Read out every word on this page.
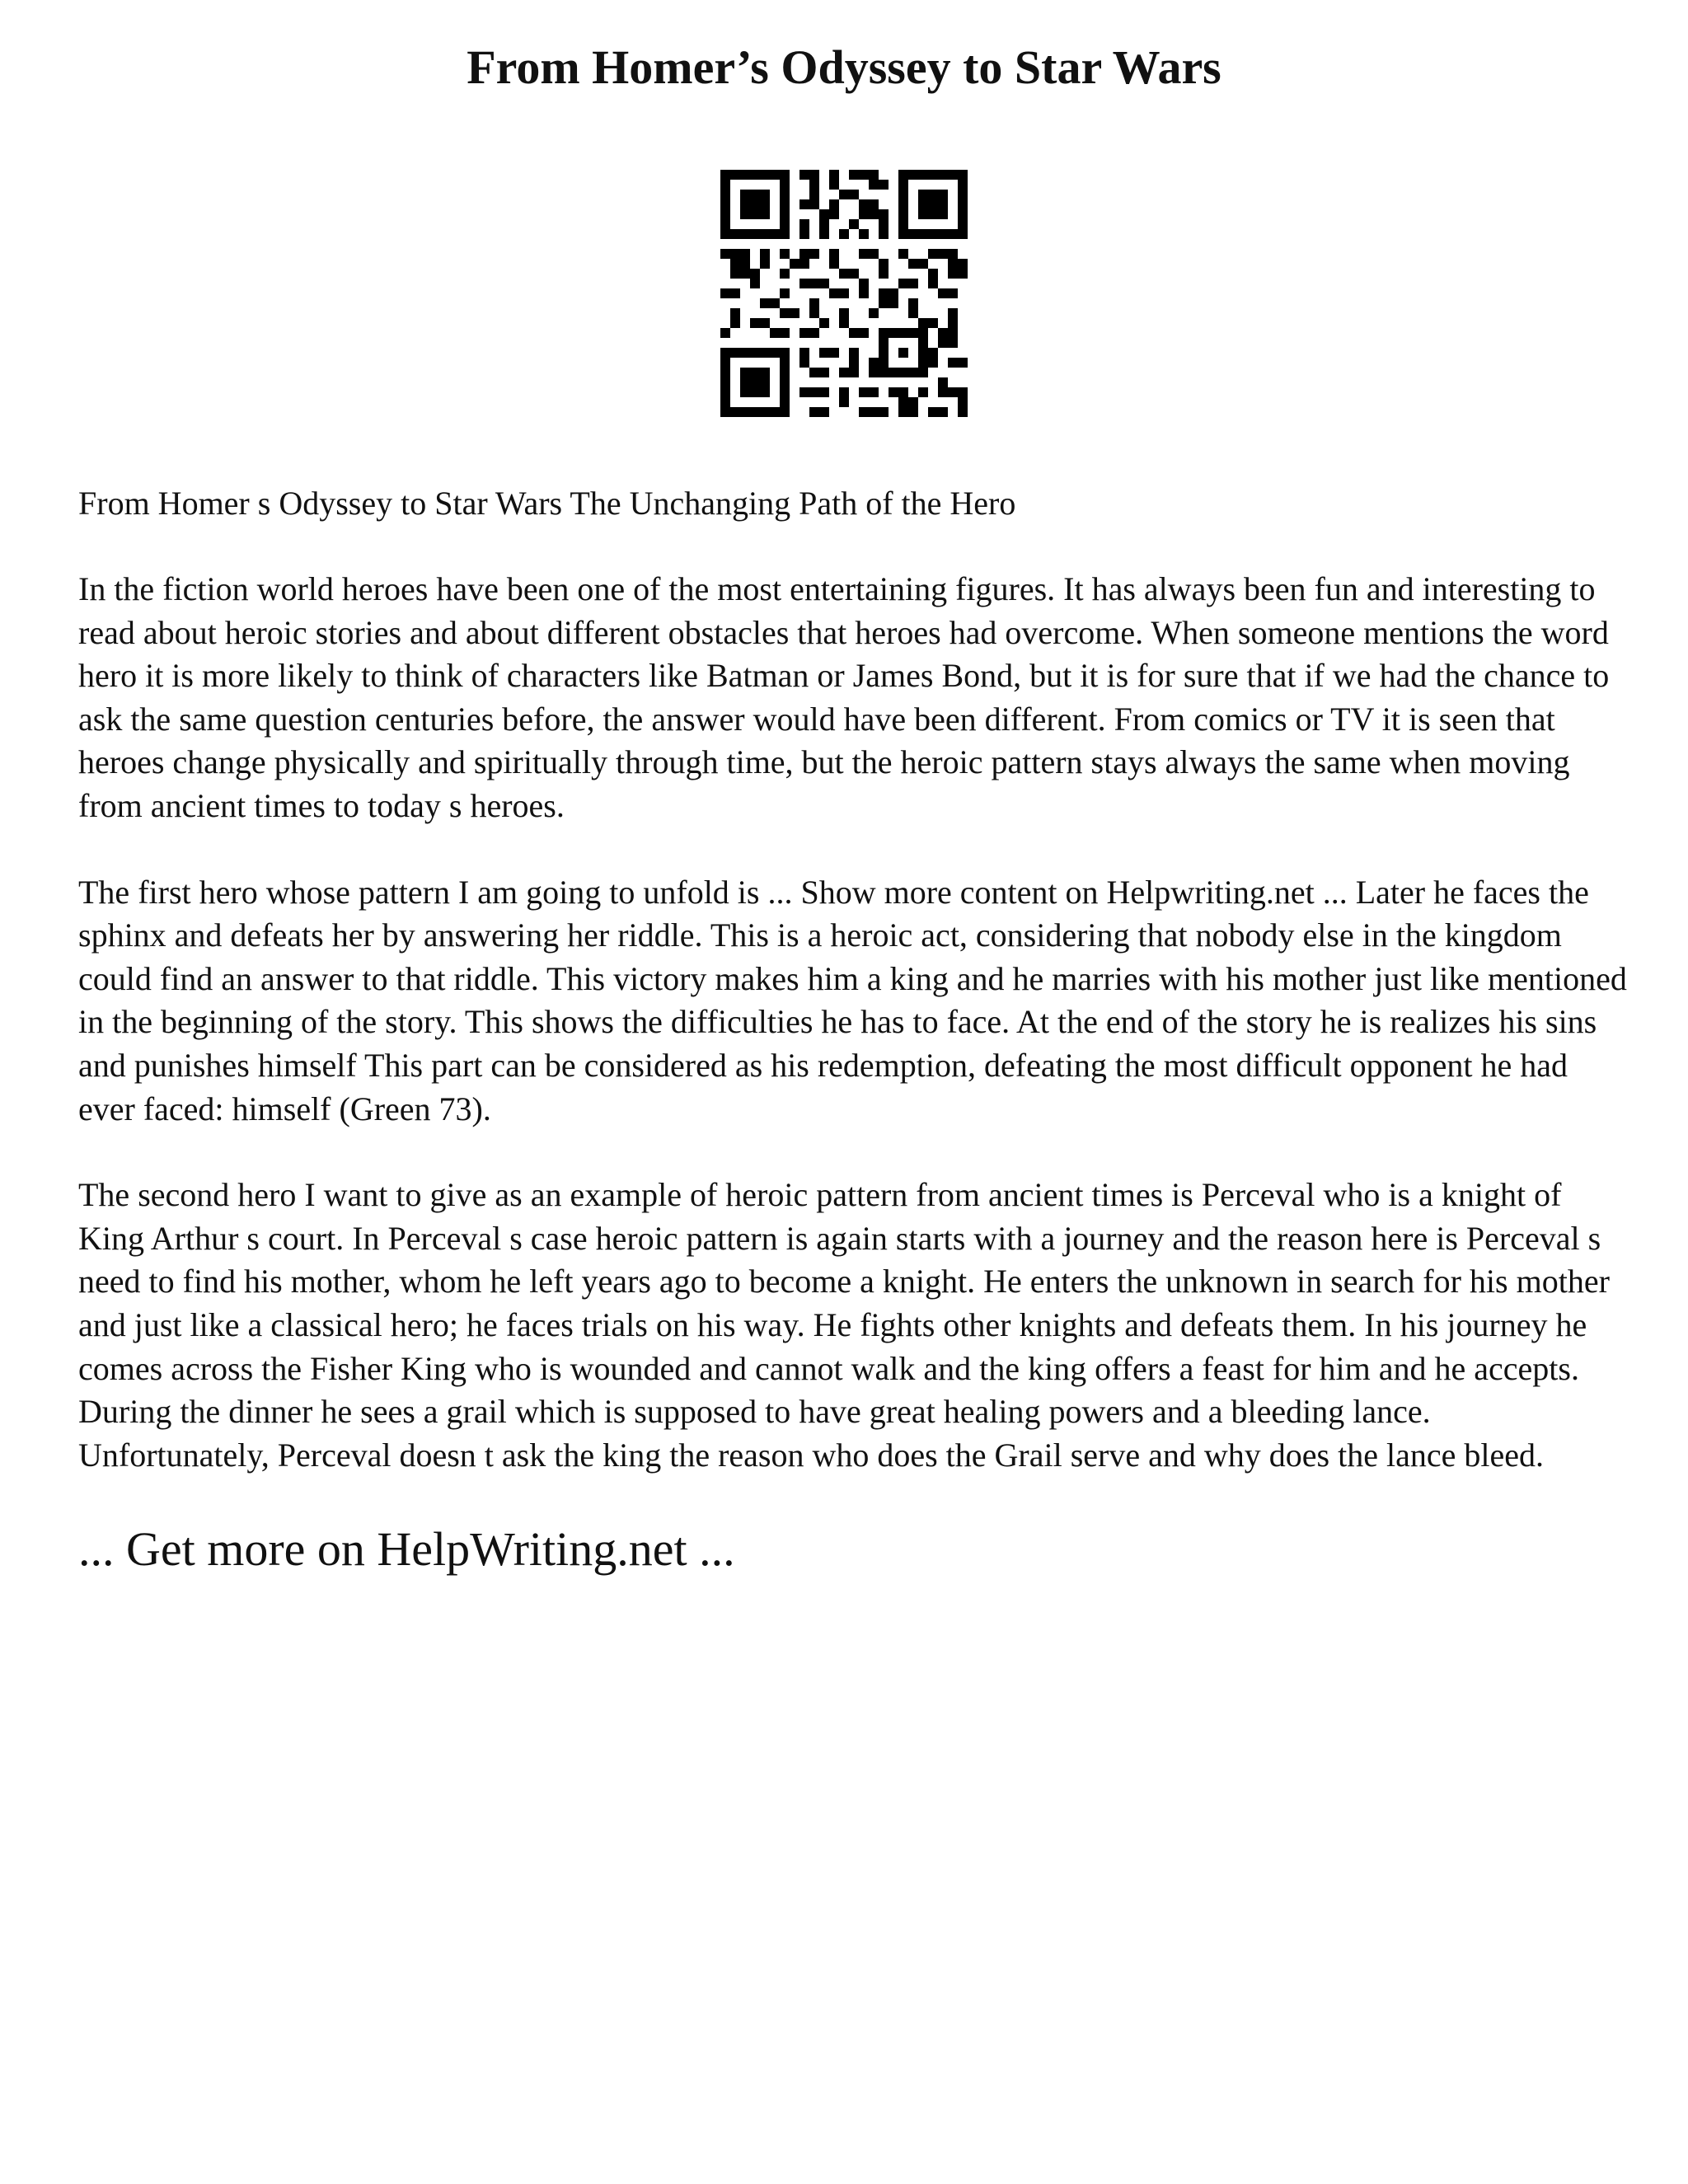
From Homer’s Odyssey to Star Wars

From Homer s Odyssey to Star Wars The Unchanging Path of the Hero

In the fiction world heroes have been one of the most entertaining figures. It has always been fun and interesting to read about heroic stories and about different obstacles that heroes had overcome. When someone mentions the word hero it is more likely to think of characters like Batman or James Bond, but it is for sure that if we had the chance to ask the same question centuries before, the answer would have been different. From comics or TV it is seen that heroes change physically and spiritually through time, but the heroic pattern stays always the same when moving from ancient times to today s heroes.

The first hero whose pattern I am going to unfold is ... Show more content on Helpwriting.net ... Later he faces the sphinx and defeats her by answering her riddle. This is a heroic act, considering that nobody else in the kingdom could find an answer to that riddle. This victory makes him a king and he marries with his mother just like mentioned in the beginning of the story. This shows the difficulties he has to face. At the end of the story he is realizes his sins and punishes himself This part can be considered as his redemption, defeating the most difficult opponent he had ever faced: himself (Green 73).

The second hero I want to give as an example of heroic pattern from ancient times is Perceval who is a knight of King Arthur s court. In Perceval s case heroic pattern is again starts with a journey and the reason here is Perceval s need to find his mother, whom he left years ago to become a knight. He enters the unknown in search for his mother and just like a classical hero; he faces trials on his way. He fights other knights and defeats them. In his journey he comes across the Fisher King who is wounded and cannot walk and the king offers a feast for him and he accepts. During the dinner he sees a grail which is supposed to have great healing powers and a bleeding lance. Unfortunately, Perceval doesn t ask the king the reason who does the Grail serve and why does the lance bleed.

... Get more on HelpWriting.net ...
